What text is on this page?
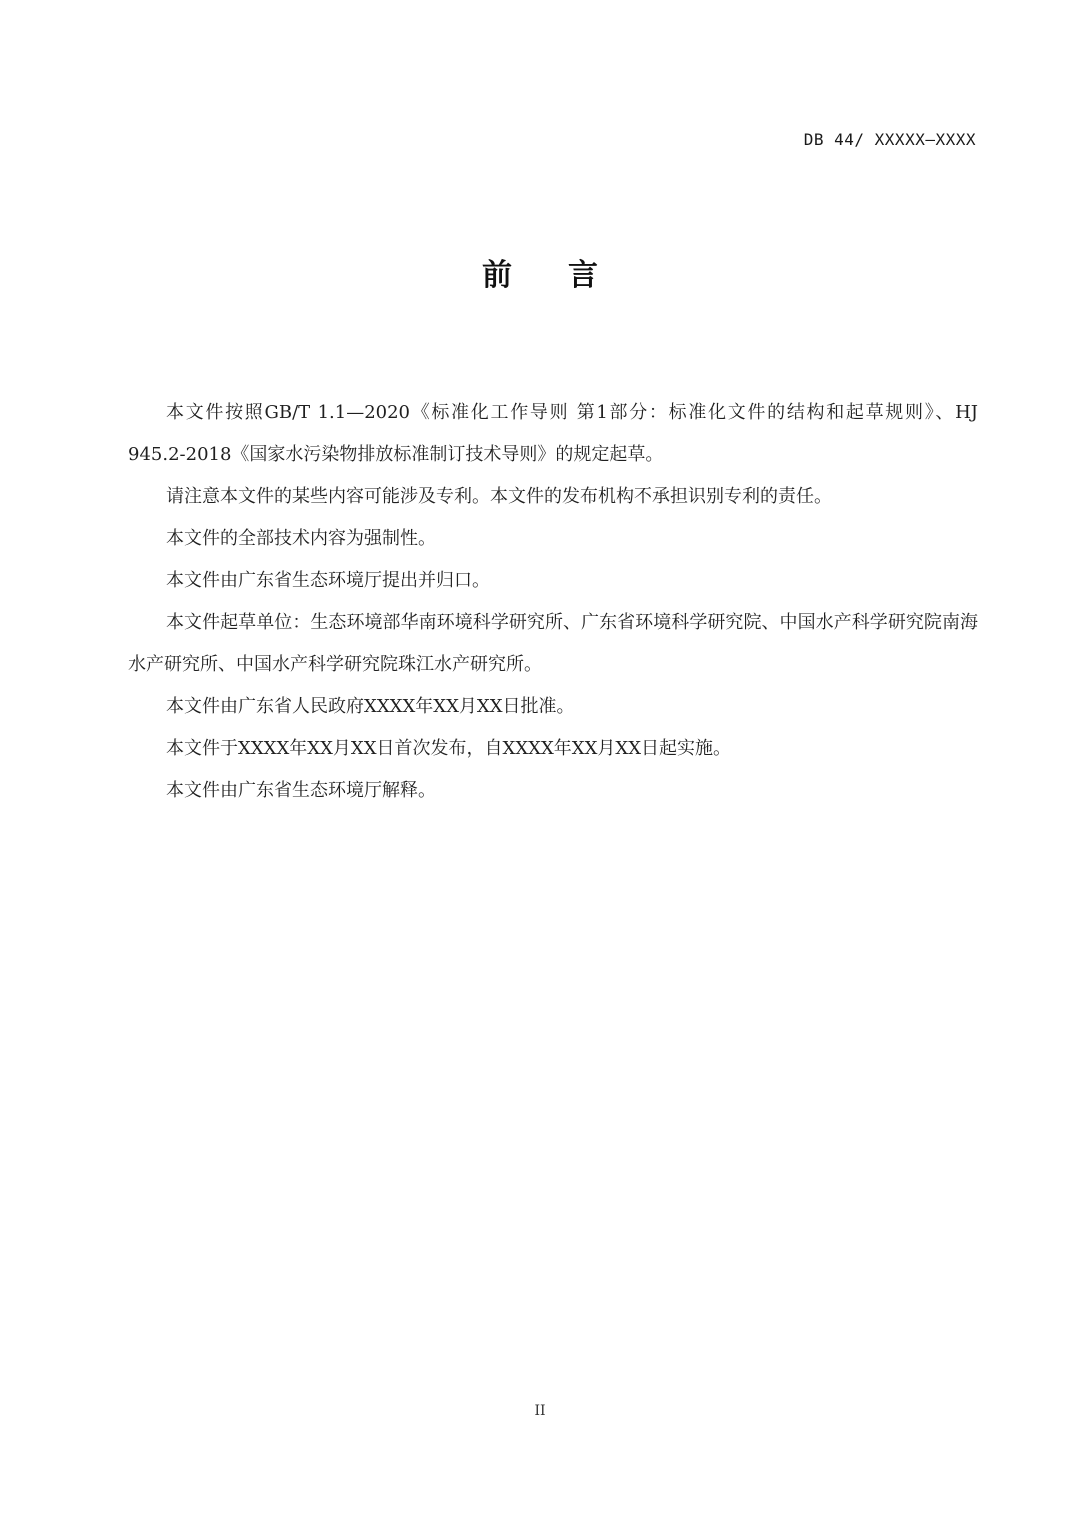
DB 44/ XXXXX—XXXX
前言

本文件按照GB/T 1.1—2020《标准化工作导则 第1部分：标准化文件的结构和起草规则》、HJ 945.2-2018《国家水污染物排放标准制订技术导则》的规定起草。

请注意本文件的某些内容可能涉及专利。本文件的发布机构不承担识别专利的责任。

本文件的全部技术内容为强制性。

本文件由广东省生态环境厅提出并归口。

本文件起草单位：生态环境部华南环境科学研究所、广东省环境科学研究院、中国水产科学研究院南海水产研究所、中国水产科学研究院珠江水产研究所。

本文件由广东省人民政府XXXX年XX月XX日批准。

本文件于XXXX年XX月XX日首次发布，自XXXX年XX月XX日起实施。

本文件由广东省生态环境厅解释。

II
